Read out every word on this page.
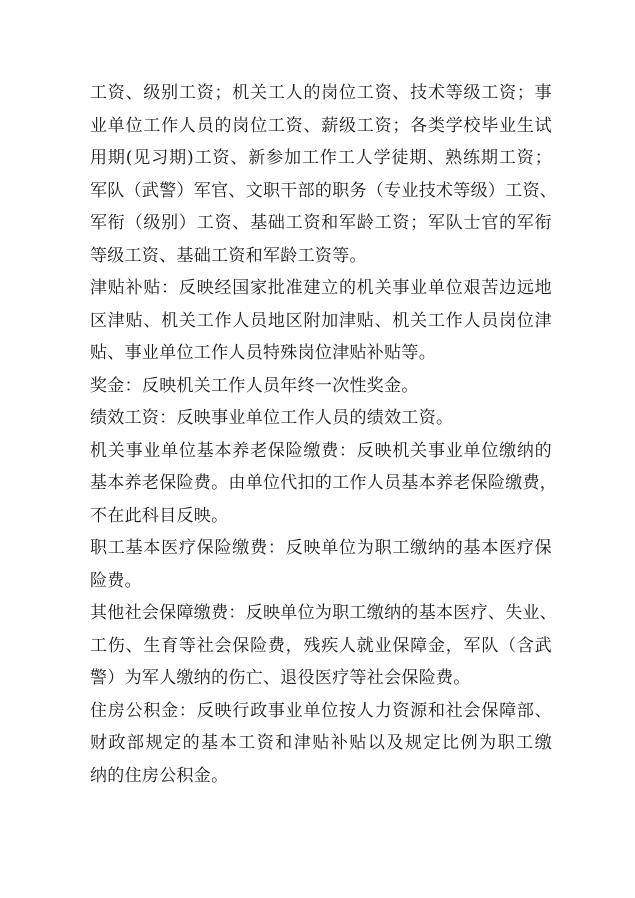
工资、级别工资；机关工人的岗位工资、技术等级工资；事
业单位工作人员的岗位工资、薪级工资；各类学校毕业生试
用期(见习期)工资、新参加工作工人学徒期、熟练期工资；
军队（武警）军官、文职干部的职务（专业技术等级）工资、
军衔（级别）工资、基础工资和军龄工资；军队士官的军衔
等级工资、基础工资和军龄工资等。
津贴补贴：反映经国家批准建立的机关事业单位艰苦边远地
区津贴、机关工作人员地区附加津贴、机关工作人员岗位津
贴、事业单位工作人员特殊岗位津贴补贴等。
奖金：反映机关工作人员年终一次性奖金。
绩效工资：反映事业单位工作人员的绩效工资。
机关事业单位基本养老保险缴费：反映机关事业单位缴纳的
基本养老保险费。由单位代扣的工作人员基本养老保险缴费，
不在此科目反映。
职工基本医疗保险缴费：反映单位为职工缴纳的基本医疗保
险费。
其他社会保障缴费：反映单位为职工缴纳的基本医疗、失业、
工伤、生育等社会保险费，残疾人就业保障金，军队（含武
警）为军人缴纳的伤亡、退役医疗等社会保险费。
住房公积金：反映行政事业单位按人力资源和社会保障部、
财政部规定的基本工资和津贴补贴以及规定比例为职工缴
纳的住房公积金。
